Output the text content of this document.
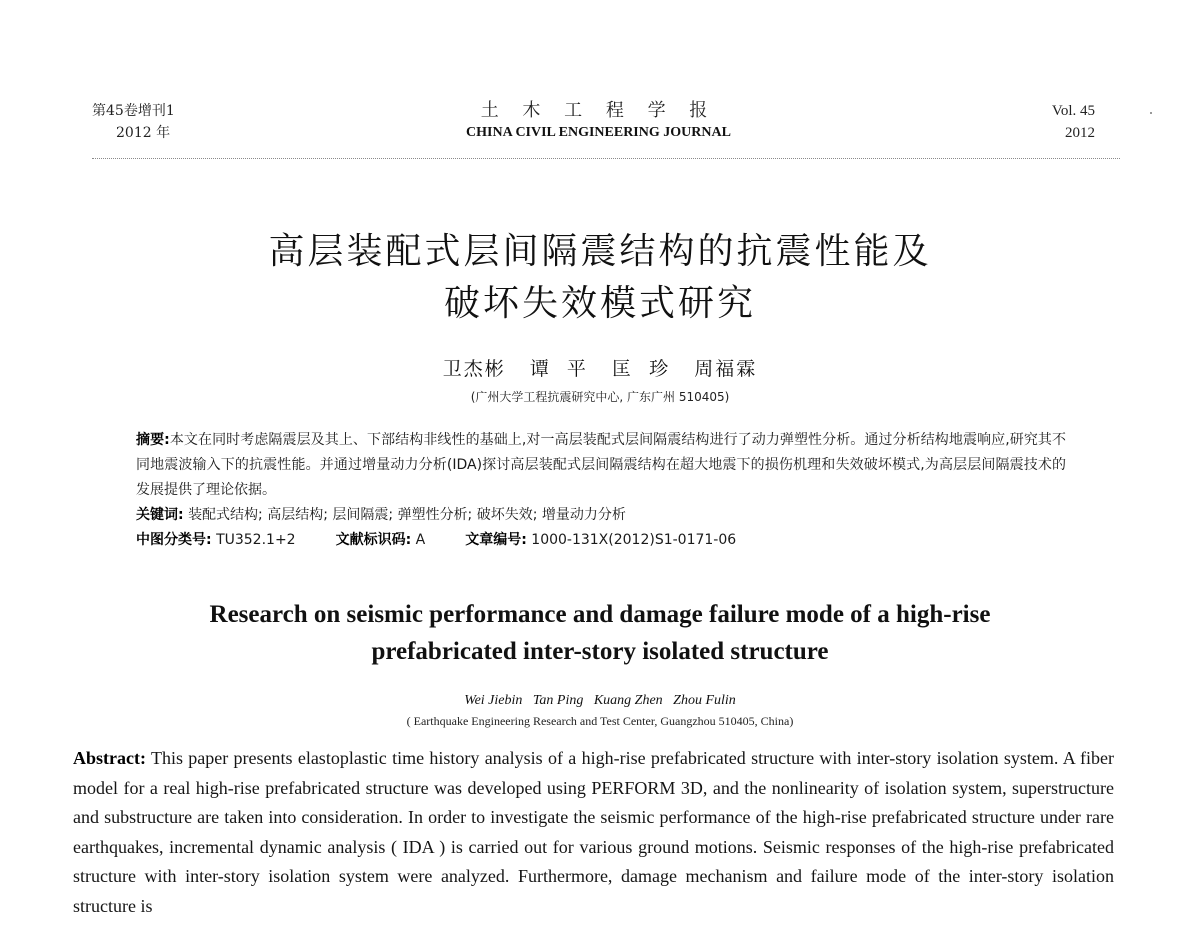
第45卷增刊1
2012 年
土 木 工 程 学 报
CHINA CIVIL ENGINEERING JOURNAL
Vol. 45
2012
高层装配式层间隔震结构的抗震性能及
破坏失效模式研究
卫杰彬   谭  平   匡  珍   周福霖
(广州大学工程抗震研究中心, 广东广州 510405)

摘要:本文在同时考虑隔震层及其上、下部结构非线性的基础上,对一高层装配式层间隔震结构进行了动力弹塑性分析。通过分析结构地震响应,研究其不同地震波输入下的抗震性能。并通过增量动力分析(IDA)探讨高层装配式层间隔震结构在超大地震下的损伤机理和失效破坏模式,为高层层间隔震技术的发展提供了理论依据。

关键词: 装配式结构; 高层结构; 层间隔震; 弹塑性分析; 破坏失效; 增量动力分析

中图分类号: TU352.1+2	文献标识码: A	文章编号: 1000-131X(2012)S1-0171-06

Research on seismic performance and damage failure mode of a high-rise
prefabricated inter-story isolated structure
Wei Jiebin   Tan Ping   Kuang Zhen   Zhou Fulin
( Earthquake Engineering Research and Test Center, Guangzhou 510405, China)

Abstract: This paper presents elastoplastic time history analysis of a high-rise prefabricated structure with inter-story isolation system. A fiber model for a real high-rise prefabricated structure was developed using PERFORM 3D, and the nonlinearity of isolation system, superstructure and substructure are taken into consideration. In order to investigate the seismic performance of the high-rise prefabricated structure under rare earthquakes, incremental dynamic analysis ( IDA ) is carried out for various ground motions. Seismic responses of the high-rise prefabricated structure with inter-story isolation system were analyzed. Furthermore, damage mechanism and failure mode of the inter-story isolation structure is
